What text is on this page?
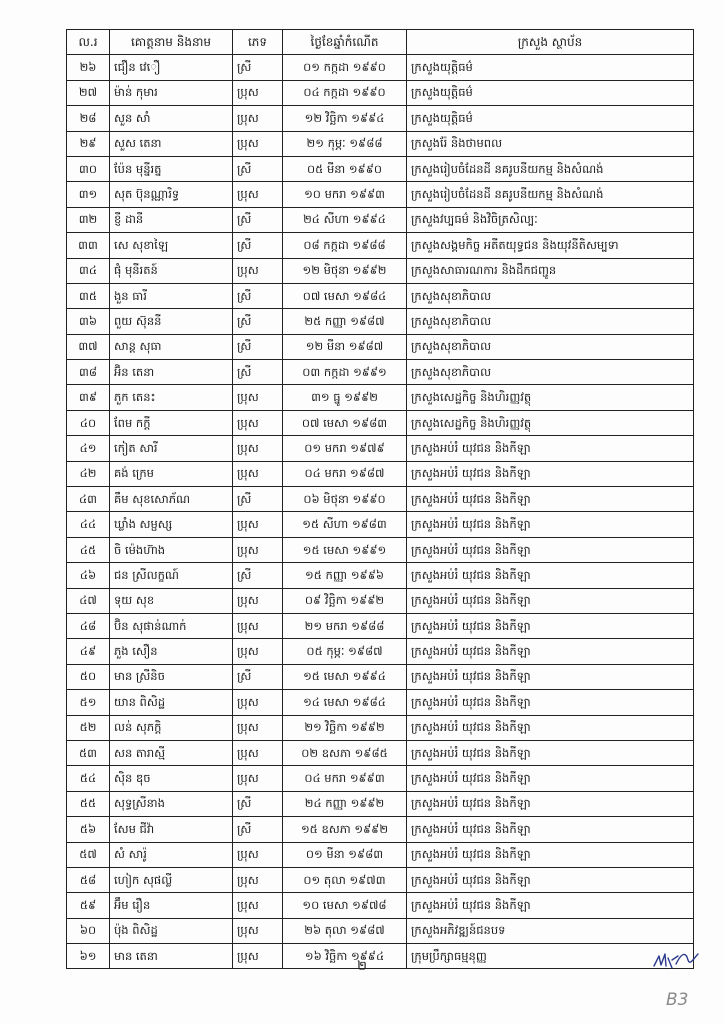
ល.រ	គោត្តនាម និងនាម	ភេទ	ថ្ងៃខែឆ្នាំកំណើត	ក្រសួង ស្ថាប័ន
២៦	ជឿន វេឿ	ស្រី	០១ កក្កដា ១៩៩០	ក្រសួងយុត្តិធម៌
២៧	ម៉ាន់ កុមារ	ប្រុស	០៤ កក្កដា ១៩៩០	ក្រសួងយុត្តិធម៌
២៨	សួន សាំ	ប្រុស	១២ វិច្ឆិកា ១៩៩៤	ក្រសួងយុត្តិធម៌
២៩	សួស តេនា	ប្រុស	២១ កុម្ភៈ ១៩៨៨	ក្រសួងរ៉ែ និងថាមពល
៣០	ប៉ែន មុន្នីរត្ន	ស្រី	០៥ មីនា ១៩៩០	ក្រសួងរៀបចំដែនដី នគរូបនីយកម្ម និងសំណង់
៣១	សុត ប៊ុនណ្ណារិទ្ធ	ប្រុស	១០ មករា ១៩៩៣	ក្រសួងរៀបចំដែនដី នគរូបនីយកម្ម និងសំណង់
៣២	ខ្ញី ដានី	ស្រី	២៤ សីហា ១៩៩៤	ក្រសួងវប្បធម៌ និងវិចិត្រសិល្បៈ
៣៣	សេ សុខាឡៃ	ស្រី	០៨ កក្កដា ១៩៨៨	ក្រសួងសង្គមកិច្ច អតីតយុទ្ធជន និងយុវនីតិសម្បទា
៣៤	ផុំ មុនីរតន៍	ប្រុស	១២ មិថុនា ១៩៩២	ក្រសួងសាធារណការ និងដឹកជញ្ជូន
៣៥	ងួន ធារី	ស្រី	០៧ មេសា ១៩៨៤	ក្រសួងសុខាភិបាល
៣៦	ពួយ ស៊ុននី	ស្រី	២៥ កញ្ញា ១៩៨៧	ក្រសួងសុខាភិបាល
៣៧	សាន្ត សុធា	ស្រី	១២ មីនា ១៩៨៧	ក្រសួងសុខាភិបាល
៣៨	អ៊ិន តេនា	ស្រី	០៣ កក្កដា ១៩៩១	ក្រសួងសុខាភិបាល
៣៩	ភួក តេនះ	ប្រុស	៣១ ធ្នូ ១៩៩២	ក្រសួងសេដ្ឋកិច្ច និងហិរញ្ញវត្ថុ
៤០	ពែម កក្តី	ប្រុស	០៧ មេសា ១៩៨៣	ក្រសួងសេដ្ឋកិច្ច និងហិរញ្ញវត្ថុ
៤១	កៀត សារី	ប្រុស	០១ មករា ១៩៧៩	ក្រសួងអប់រំ យុវជន និងកីឡា
៤២	គង់ ក្រេម	ប្រុស	០៤ មករា ១៩៨៧	ក្រសួងអប់រំ យុវជន និងកីឡា
៤៣	គឹម សុខសោភ័ណ	ស្រី	០៦ មិថុនា ១៩៩០	ក្រសួងអប់រំ យុវជន និងកីឡា
៤៤	ឃ្លាំង សម្ផស្ស	ប្រុស	១៥ សីហា ១៩៨៣	ក្រសួងអប់រំ យុវជន និងកីឡា
៤៥	ចិ ម៉េងហ៊ាង	ប្រុស	១៥ មេសា ១៩៩១	ក្រសួងអប់រំ យុវជន និងកីឡា
៤៦	ជន ស្រីលក្ខណ៍	ស្រី	១៥ កញ្ញា ១៩៩៦	ក្រសួងអប់រំ យុវជន និងកីឡា
៤៧	ទុយ សុខ	ប្រុស	០៩ វិច្ឆិកា ១៩៩២	ក្រសួងអប់រំ យុវជន និងកីឡា
៤៨	ប៊ិន សុផាន់ណាក់	ប្រុស	២១ មករា ១៩៨៨	ក្រសួងអប់រំ យុវជន និងកីឡា
៤៩	ភួង សឿន	ប្រុស	០៥ កុម្ភៈ ១៩៨៧	ក្រសួងអប់រំ យុវជន និងកីឡា
៥០	មាន ស្រីនិច	ស្រី	១៥ មេសា ១៩៩៤	ក្រសួងអប់រំ យុវជន និងកីឡា
៥១	យាន ពិសិដ្ឋ	ប្រុស	១៤ មេសា ១៩៨៤	ក្រសួងអប់រំ យុវជន និងកីឡា
៥២	លន់ សុភក្តិ	ប្រុស	២១ វិច្ឆិកា ១៩៩២	ក្រសួងអប់រំ យុវជន និងកីឡា
៥៣	សន តារាស្មី	ប្រុស	០២ ឧសភា ១៩៨៥	ក្រសួងអប់រំ យុវជន និងកីឡា
៥៤	ស៊ិន ឌុច	ប្រុស	០៤ មករា ១៩៩៣	ក្រសួងអប់រំ យុវជន និងកីឡា
៥៥	សុទ្ធស្រីនាង	ស្រី	២៤ កញ្ញា ១៩៩២	ក្រសួងអប់រំ យុវជន និងកីឡា
៥៦	សែម ជីវ៉ា	ស្រី	១៥ ឧសភា ១៩៩២	ក្រសួងអប់រំ យុវជន និងកីឡា
៥៧	សំ សារ៉ូ	ប្រុស	០១ មីនា ១៩៨៣	ក្រសួងអប់រំ យុវជន និងកីឡា
៥៨	ហៀក សុផល្លី	ប្រុស	០១ តុលា ១៩៧៣	ក្រសួងអប់រំ យុវជន និងកីឡា
៥៩	អ៊ឹម រឿន	ប្រុស	១០ មេសា ១៩៧៨	ក្រសួងអប់រំ យុវជន និងកីឡា
៦០	ប៉ុង ពិសិដ្ឋ	ប្រុស	២៦ តុលា ១៩៨៧	ក្រសួងអភិវឌ្ឍន៍ជនបទ
៦១	មាន តេនា	ប្រុស	១៦ វិច្ឆិកា ១៩៩៤	ក្រុមប្រឹក្សាធម្មនុញ្ញ
២
B3
